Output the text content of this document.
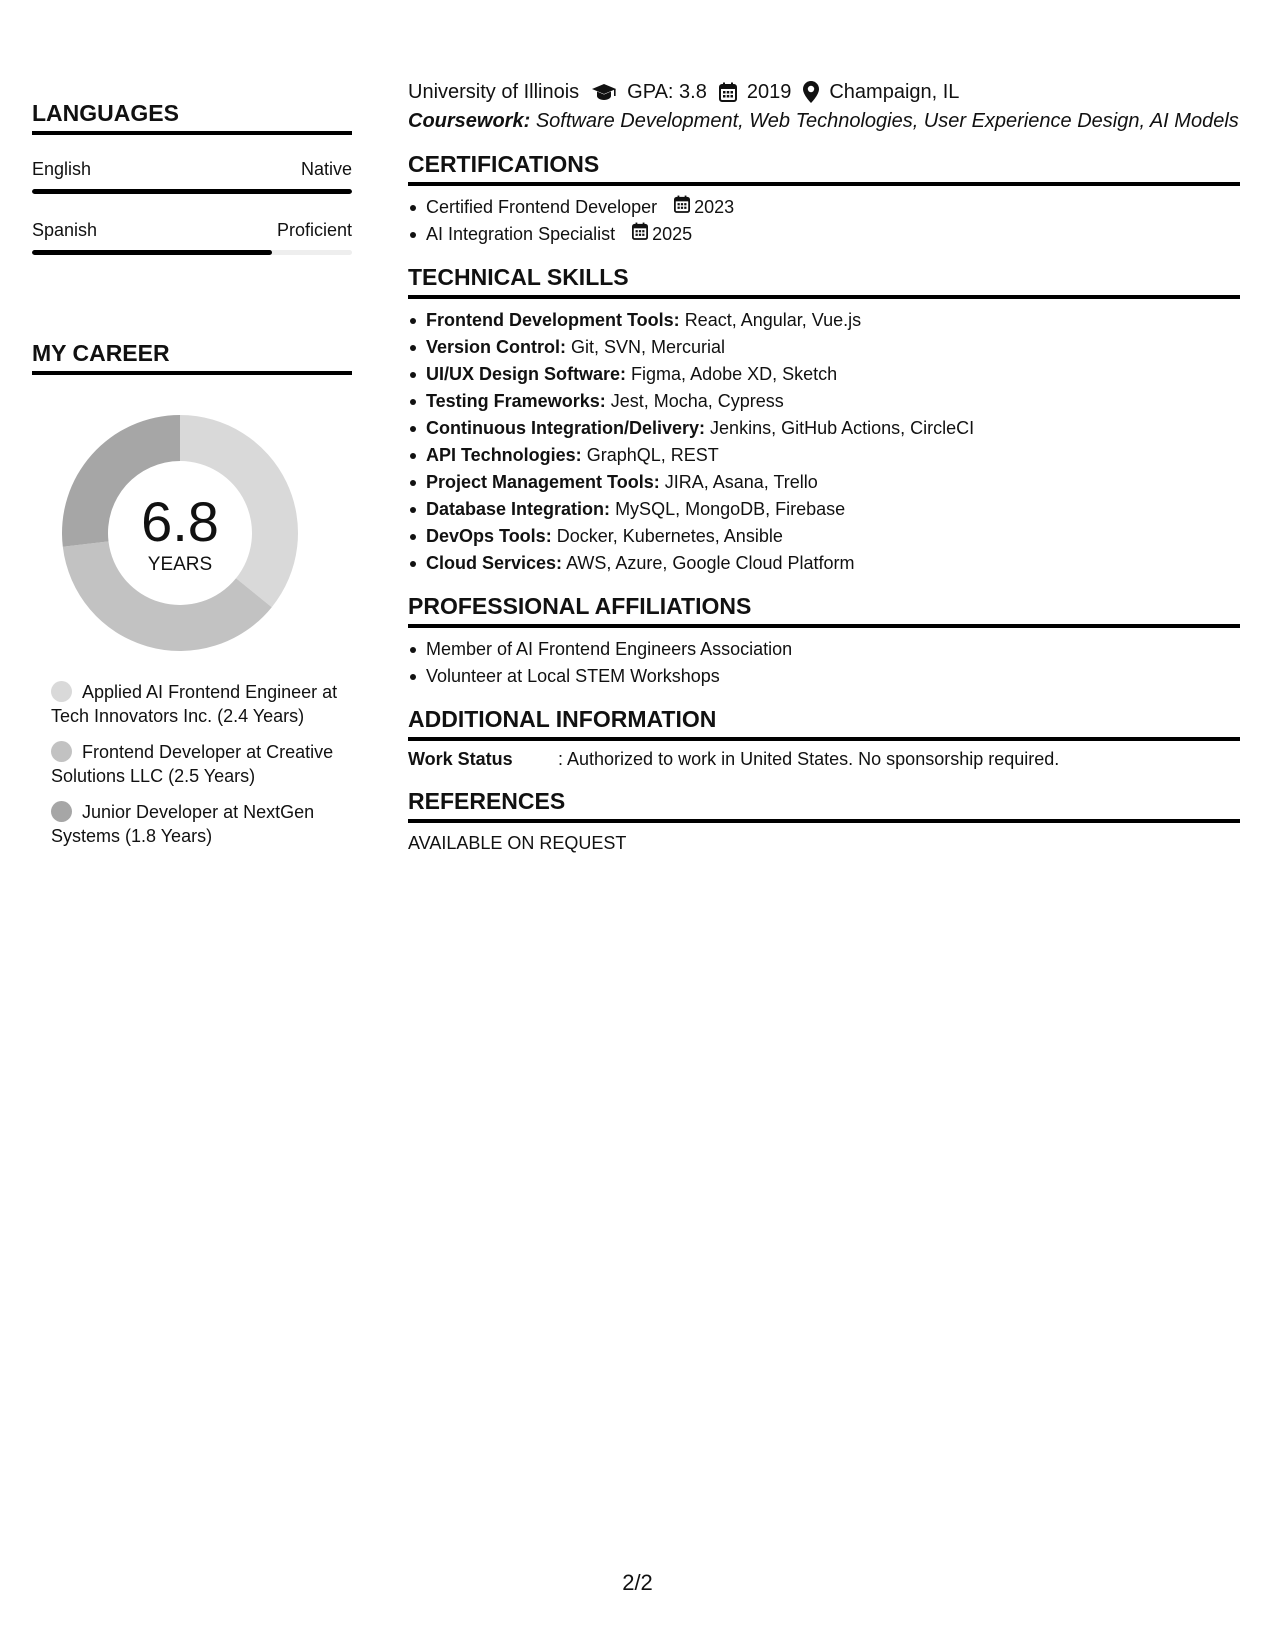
LANGUAGES
English	Native
Spanish	Proficient
MY CAREER
6.8
YEARS
Applied AI Frontend Engineer at Tech Innovators Inc. (2.4 Years)
Frontend Developer at Creative Solutions LLC (2.5 Years)
Junior Developer at NextGen Systems (1.8 Years)
University of Illinois GPA: 3.8 2019 Champaign, IL
Coursework: Software Development, Web Technologies, User Experience Design, AI Models
CERTIFICATIONS
Certified Frontend Developer 2023
AI Integration Specialist 2025
TECHNICAL SKILLS
Frontend Development Tools: React, Angular, Vue.js
Version Control: Git, SVN, Mercurial
UI/UX Design Software: Figma, Adobe XD, Sketch
Testing Frameworks: Jest, Mocha, Cypress
Continuous Integration/Delivery: Jenkins, GitHub Actions, CircleCI
API Technologies: GraphQL, REST
Project Management Tools: JIRA, Asana, Trello
Database Integration: MySQL, MongoDB, Firebase
DevOps Tools: Docker, Kubernetes, Ansible
Cloud Services: AWS, Azure, Google Cloud Platform
PROFESSIONAL AFFILIATIONS
Member of AI Frontend Engineers Association
Volunteer at Local STEM Workshops
ADDITIONAL INFORMATION
Work Status	: Authorized to work in United States. No sponsorship required.
REFERENCES
AVAILABLE ON REQUEST
2/2
